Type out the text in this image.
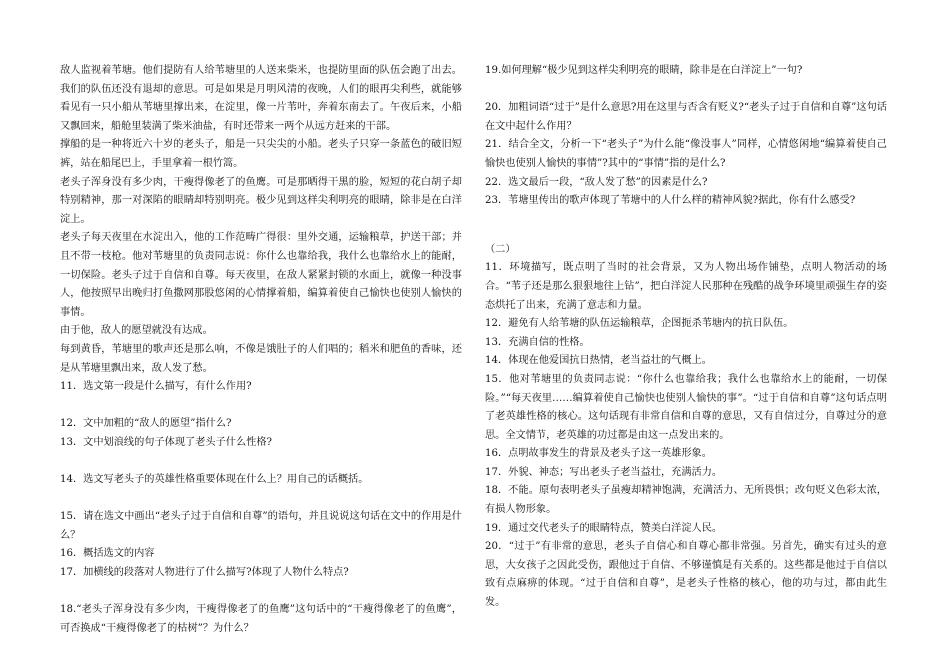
敌人监视着苇塘。他们提防有人给苇塘里的人送来柴米，也提防里面的队伍会跑了出去。我们的队伍还没有退却的意思。可是如果是月明风清的夜晚，人们的眼再尖利些，就能够看见有一只小船从苇塘里撑出来，在淀里，像一片苇叶，奔着东南去了。午夜后来，小船又飘回来，船舱里装满了柴米油盐，有时还带来一两个从远方赶来的干部。

撑船的是一种将近六十岁的老头子，船是一只尖尖的小船。老头子只穿一条蓝色的破旧短裤，站在船尾巴上，手里拿着一根竹篙。

老头子浑身没有多少肉，干瘦得像老了的鱼鹰。可是那晒得干黑的脸，短短的花白胡子却特别精神，那一对深陷的眼睛却特别明亮。极少见到这样尖利明亮的眼睛，除非是在白洋淀上。

老头子每天夜里在水淀出入，他的工作范畴广得很：里外交通，运输粮草，护送干部；并且不带一枝枪。他对苇塘里的负责同志说：你什么也靠给我，我什么也靠给水上的能耐，一切保险。老头子过于自信和自尊。每天夜里，在敌人紧紧封锁的水面上，就像一种没事人，他按照早出晚归打鱼撒网那股悠闲的心情撑着船，编算着使自己愉快也使别人愉快的事情。

由于他，敌人的愿望就没有达成。

每到黄昏，苇塘里的歌声还是那么响，不像是饿肚子的人们唱的；稻米和肥鱼的香味，还是从苇塘里飘出来，敌人发了愁。

11．选文第一段是什么描写，有什么作用?

12．文中加粗的“敌人的愿望”指什么?

13．文中划浪线的句子体现了老头子什么性格?

14．选文写老头子的英雄性格重要体现在什么上？用自己的话概括。

15．请在选文中画出“老头子过于自信和自尊”的语句，并且说说这句话在文中的作用是什么？

16．概括选文的内容

17．加横线的段落对人物进行了什么描写?体现了人物什么特点?

18.“老头子浑身没有多少肉，干瘦得像老了的鱼鹰”这句话中的“干瘦得像老了的鱼鹰”，可否换成“干瘦得像老了的枯树”？为什么？

19.如何理解“极少见到这样尖利明亮的眼睛，除非是在白洋淀上”一句?

20．加粗词语“过于”是什么意思?用在这里与否含有贬义?“老头子过于自信和自尊”这句话在文中起什么作用？

21．结合全文，分析一下“老头子”为什么能“像没事人”同样，心情悠闲地“编算着使自己愉快也使别人愉快的事情”?其中的“事情”指的是什么?

22．选文最后一段，“敌人发了愁”的因素是什么?

23．苇塘里传出的歌声体现了苇塘中的人什么样的精神风貌?据此，你有什么感受?

（二）

11．环境描写，既点明了当时的社会背景，又为人物出场作铺垫，点明人物活动的场合。“苇子还是那么狠狠地往上钻”，把白洋淀人民那种在残酷的战争环境里顽强生存的姿态烘托了出来，充满了意志和力量。

12．避免有人给苇塘的队伍运输粮草，企图扼杀苇塘内的抗日队伍。

13．充满自信的性格。

14．体现在他爱国抗日热情，老当益壮的气概上。

15．他对苇塘里的负责同志说：“你什么也靠给我；我什么也靠给水上的能耐，一切保险。”“每天夜里……编算着使自己愉快也使别人愉快的事”。“过于自信和自尊”这句话点明了老英雄性格的核心。这句话现有非常自信和自尊的意思，又有自信过分，自尊过分的意思。全文情节，老英雄的功过都是由这一点发出来的。

16．点明故事发生的背景及老头子这一英雄形象。

17．外貌、神态；写出老头子老当益壮，充满活力。

18．不能。原句表明老头子虽瘦却精神饱满，充满活力、无所畏惧；改句贬义色彩太浓，有损人物形象。

19．通过交代老头子的眼睛特点，赞美白洋淀人民。

20．“过于”有非常的意思，老头子自信心和自尊心都非常强。另首先，确实有过头的意思，大女孩子之因此受伤，跟他过于自信、不够谨慎是有关系的。这些都是他过于自信以致有点麻痹的体现。“过于自信和自尊”，是老头子性格的核心，他的功与过，都由此生发。
